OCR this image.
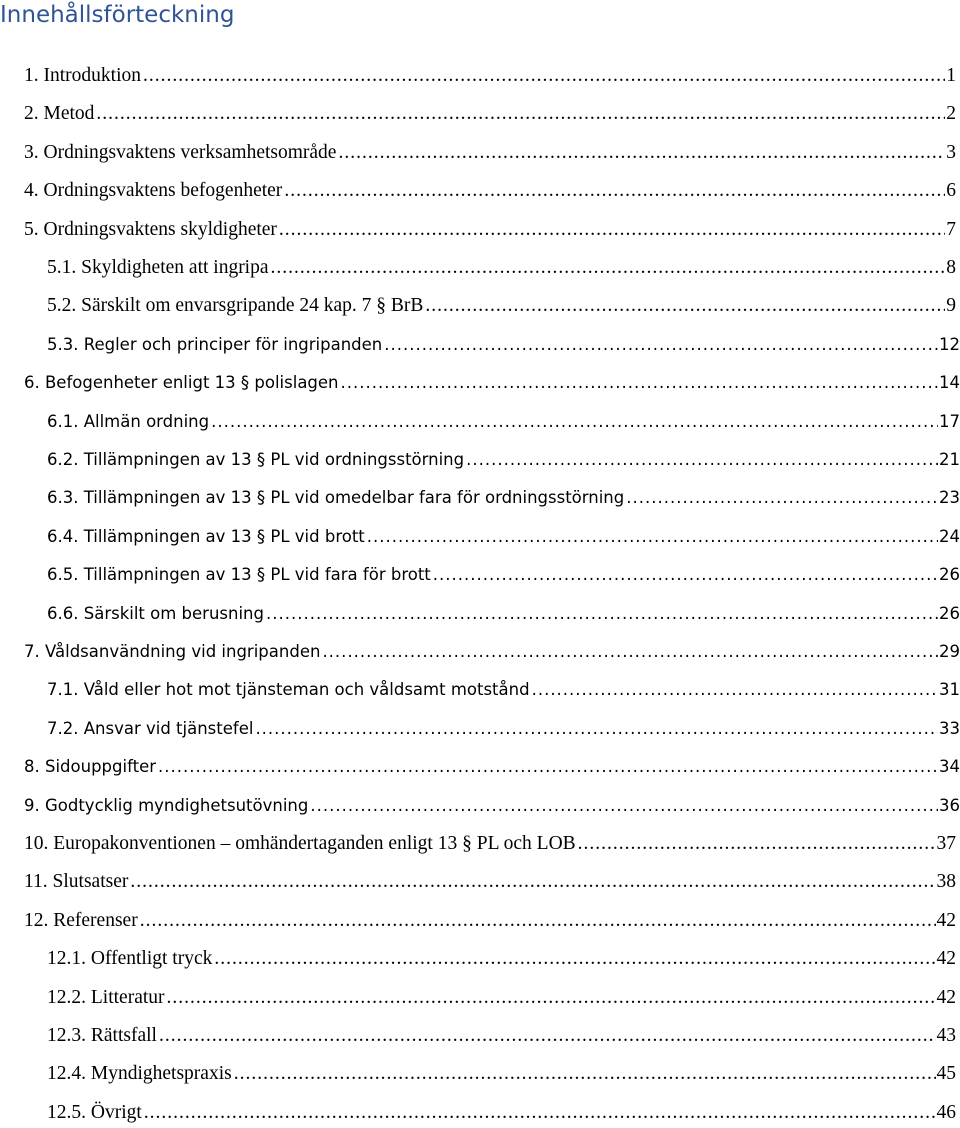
Innehållsförteckning
1. Introduktion .....	1
2. Metod .....	2
3. Ordningsvaktens verksamhetsområde .....	3
4. Ordningsvaktens befogenheter .....	6
5. Ordningsvaktens skyldigheter .....	7
5.1. Skyldigheten att ingripa .....	8
5.2. Särskilt om envarsgripande 24 kap. 7 § BrB .....	9
5.3. Regler och principer för ingripanden .....	12
6. Befogenheter enligt 13 § polislagen .....	14
6.1. Allmän ordning .....	17
6.2. Tillämpningen av 13 § PL vid ordningsstörning .....	21
6.3. Tillämpningen av 13 § PL vid omedelbar fara för ordningsstörning .....	23
6.4. Tillämpningen av 13 § PL vid brott .....	24
6.5. Tillämpningen av 13 § PL vid fara för brott .....	26
6.6. Särskilt om berusning .....	26
7. Våldsanvändning vid ingripanden .....	29
7.1. Våld eller hot mot tjänsteman och våldsamt motstånd .....	31
7.2. Ansvar vid tjänstefel .....	33
8. Sidouppgifter .....	34
9. Godtycklig myndighetsutövning .....	36
10. Europakonventionen – omhändertaganden enligt 13 § PL och LOB .....	37
11. Slutsatser .....	38
12. Referenser .....	42
12.1. Offentligt tryck .....	42
12.2. Litteratur .....	42
12.3. Rättsfall .....	43
12.4. Myndighetspraxis .....	45
12.5. Övrigt .....	46
